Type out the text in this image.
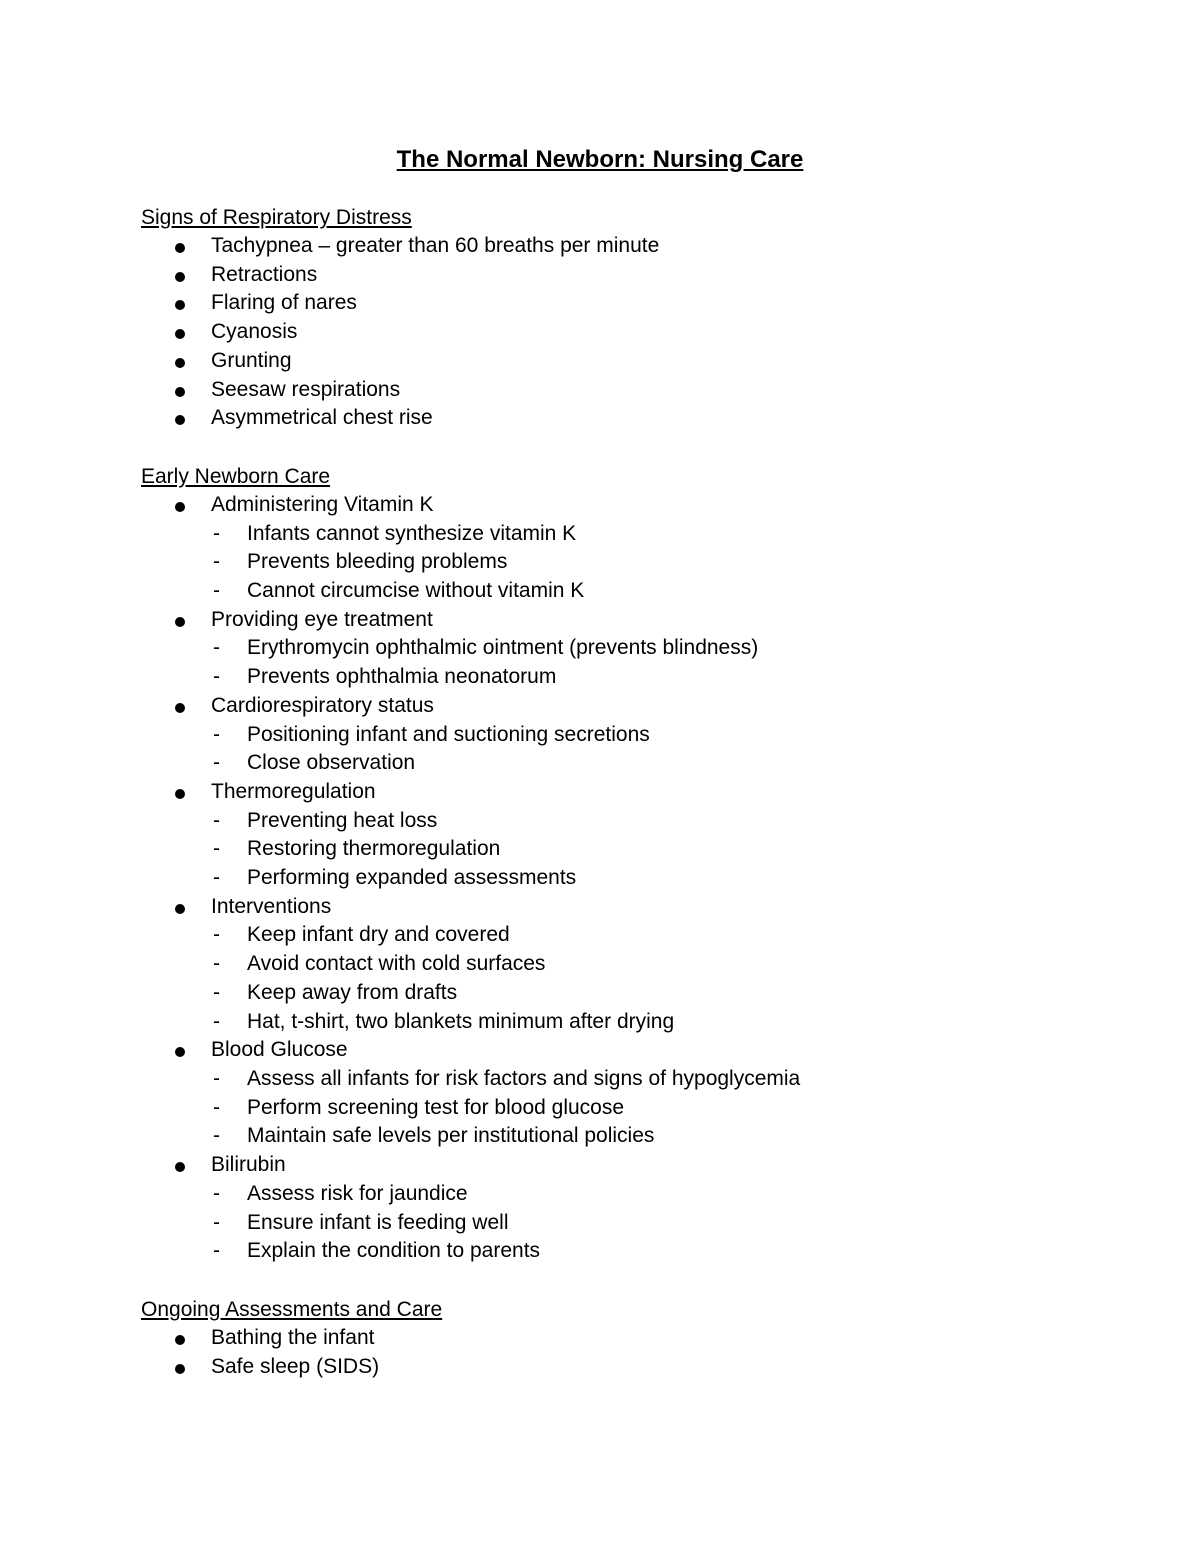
The Normal Newborn: Nursing Care
Signs of Respiratory Distress
Tachypnea – greater than 60 breaths per minute
Retractions
Flaring of nares
Cyanosis
Grunting
Seesaw respirations
Asymmetrical chest rise
Early Newborn Care
Administering Vitamin K
- Infants cannot synthesize vitamin K
- Prevents bleeding problems
- Cannot circumcise without vitamin K
Providing eye treatment
- Erythromycin ophthalmic ointment (prevents blindness)
- Prevents ophthalmia neonatorum
Cardiorespiratory status
- Positioning infant and suctioning secretions
- Close observation
Thermoregulation
- Preventing heat loss
- Restoring thermoregulation
- Performing expanded assessments
Interventions
- Keep infant dry and covered
- Avoid contact with cold surfaces
- Keep away from drafts
- Hat, t-shirt, two blankets minimum after drying
Blood Glucose
- Assess all infants for risk factors and signs of hypoglycemia
- Perform screening test for blood glucose
- Maintain safe levels per institutional policies
Bilirubin
- Assess risk for jaundice
- Ensure infant is feeding well
- Explain the condition to parents
Ongoing Assessments and Care
Bathing the infant
Safe sleep (SIDS)
